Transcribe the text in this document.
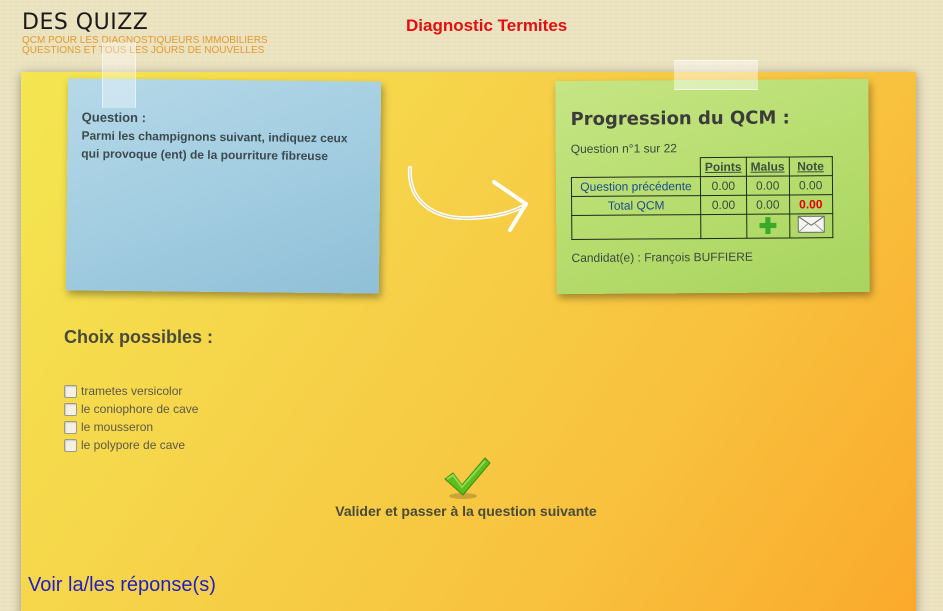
DES QUIZZ
QCM POUR LES DIAGNOSTIQUEURS IMMOBILIERS
QUESTIONS ET TOUS LES JOURS DE NOUVELLES
Diagnostic Termites
Question :
Parmi les champignons suivant, indiquez ceux qui provoque (ent) de la pourriture fibreuse
Progression du QCM :
Question n°1 sur 22
	Points	Malus	Note
Question précédente	0.00	0.00	0.00
Total QCM	0.00	0.00	0.00
		✚	
Candidat(e) : François BUFFIERE
Choix possibles :
trametes versicolor
le coniophore de cave
le mousseron
le polypore de cave
Valider et passer à la question suivante
Voir la/les réponse(s)
